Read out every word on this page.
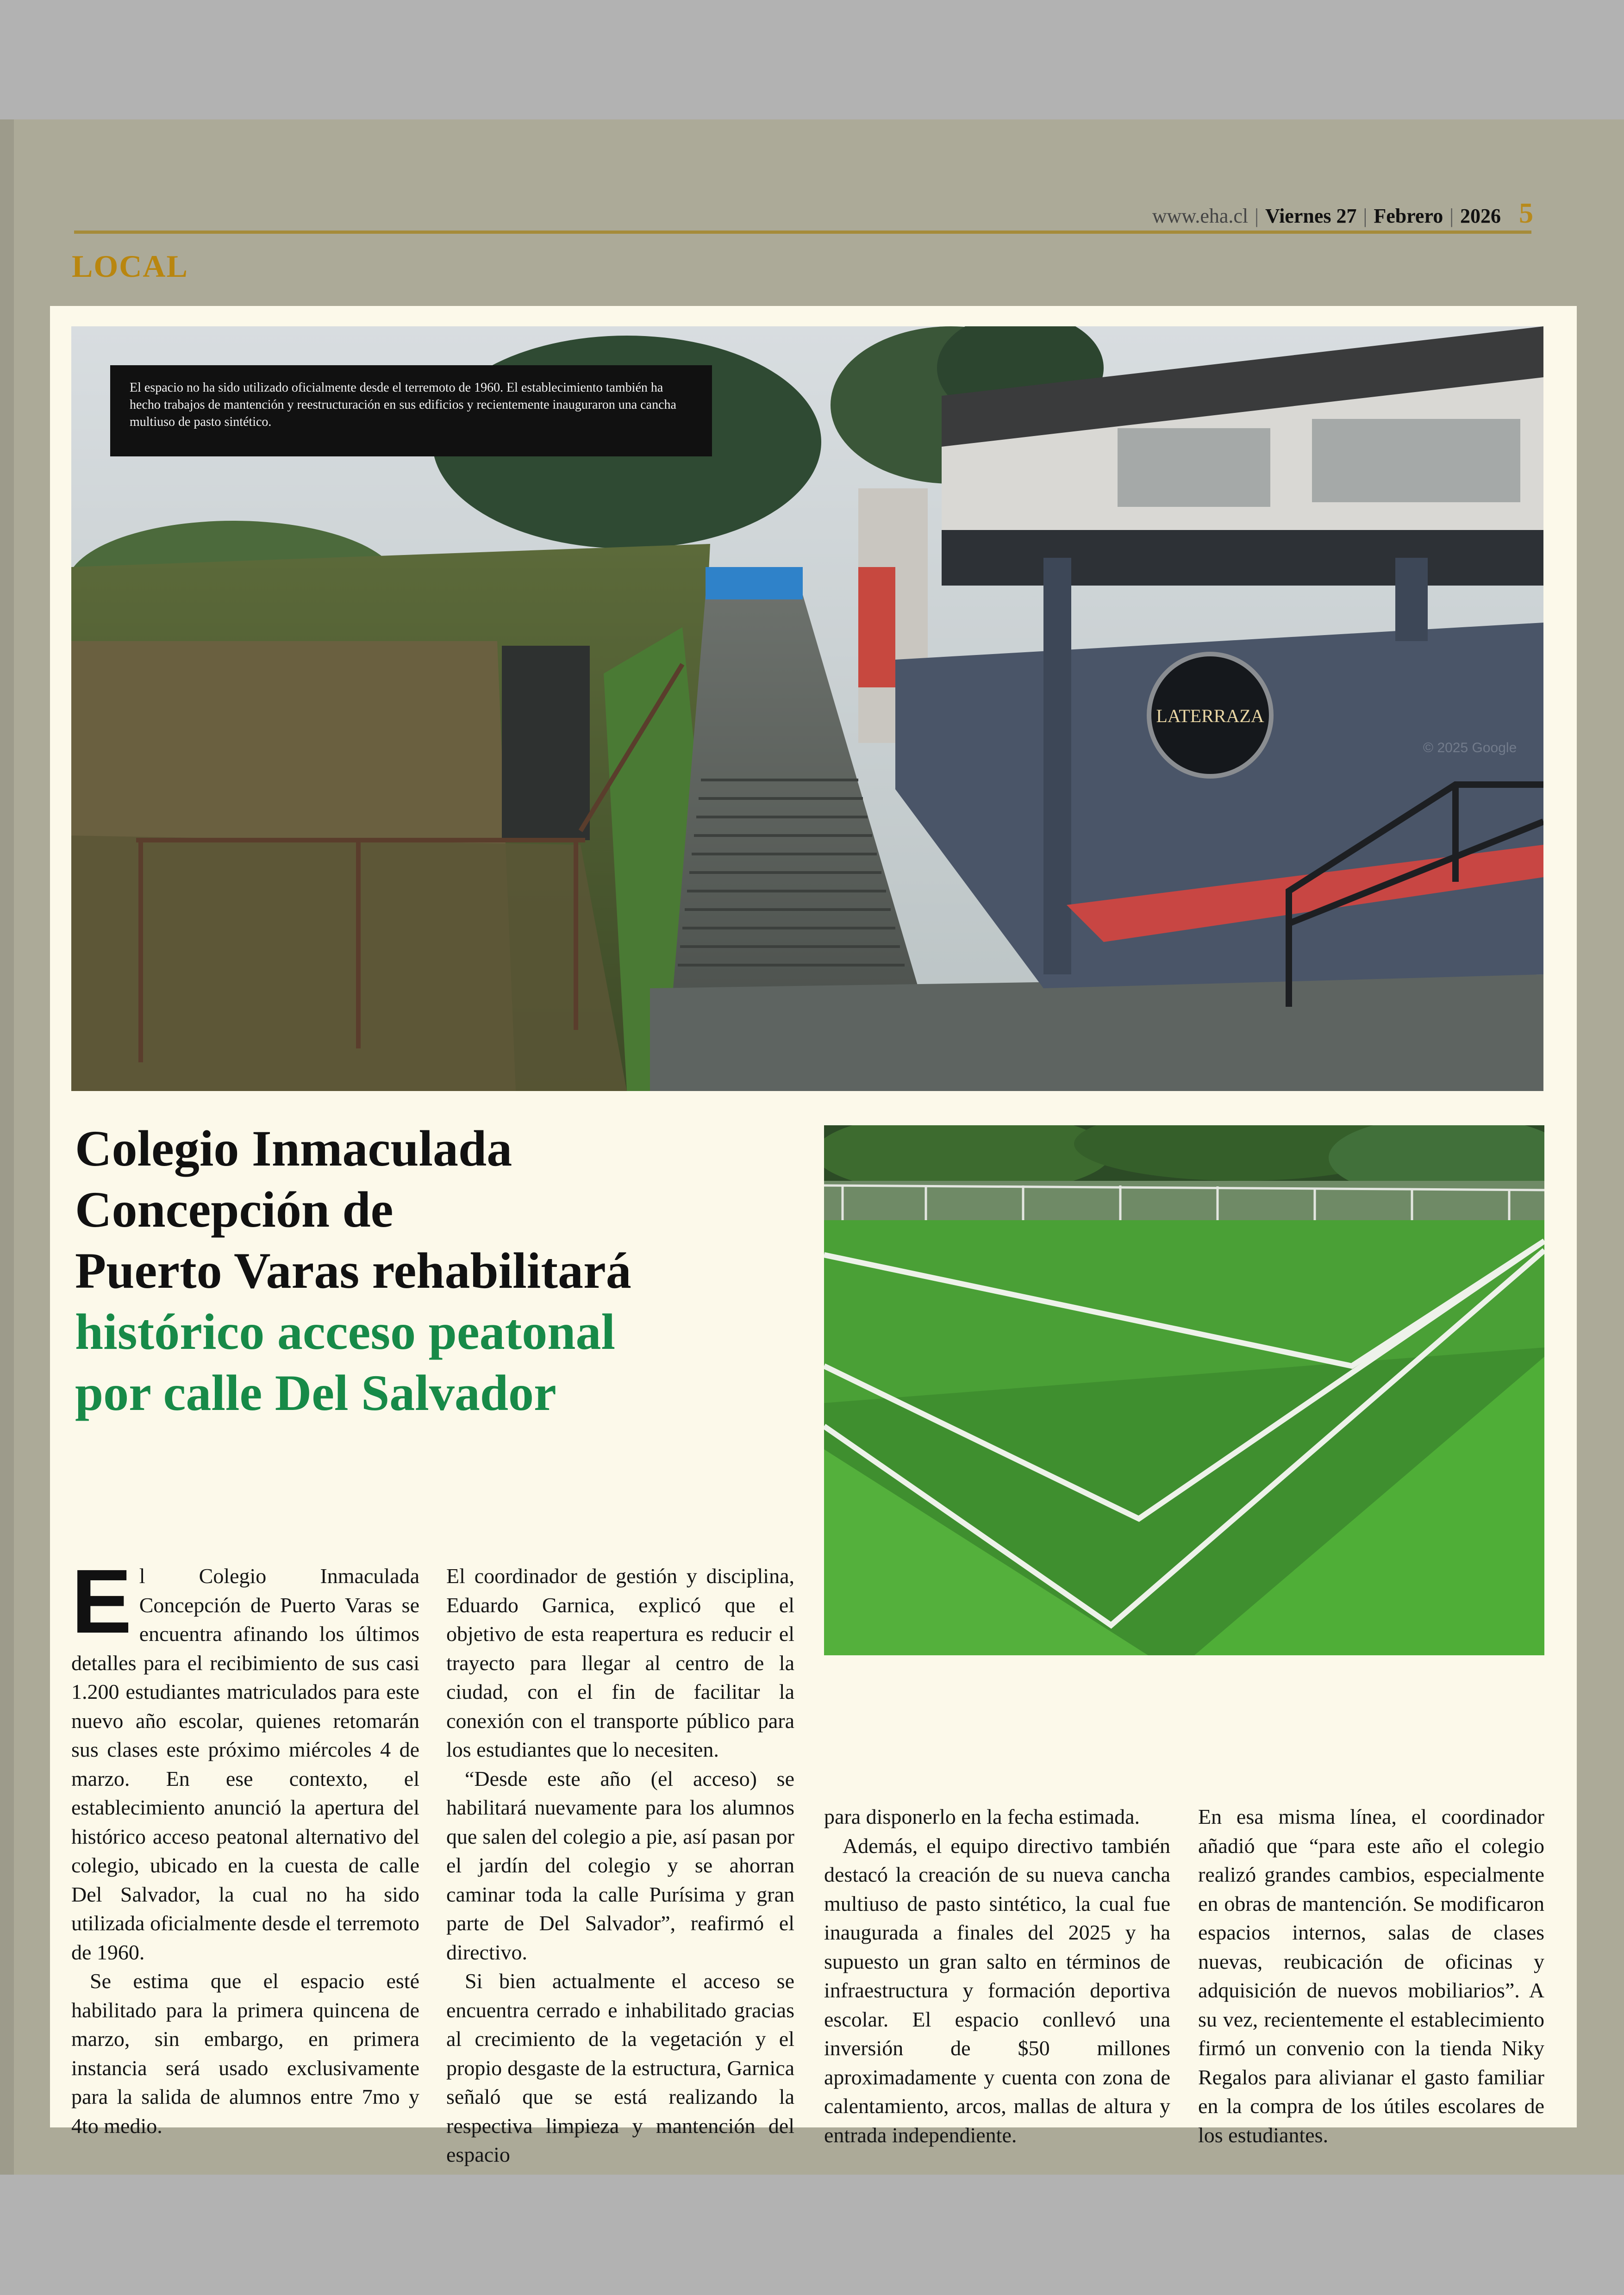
www.eha.cl | Viernes 27 | Febrero | 2026 5
LOCAL
LATERRAZA
© 2025 Google
El espacio no ha sido utilizado oficialmente desde el terremoto de 1960. El establecimiento también ha hecho trabajos de mantención y reestructuración en sus edificios y recientemente inauguraron una cancha multiuso de pasto sintético.
Colegio Inmaculada
Concepción de
Puerto Varas rehabilitará
histórico acceso peatonal
por calle Del Salvador

El Colegio Inmaculada Concepción de Puerto Varas se encuentra afinando los últimos detalles para el recibimiento de sus casi 1.200 estudiantes matriculados para este nuevo año escolar, quienes retomarán sus clases este próximo miércoles 4 de marzo. En ese contexto, el establecimiento anunció la apertura del histórico acceso peatonal alternativo del colegio, ubicado en la cuesta de calle Del Salvador, la cual no ha sido utilizada oficialmente desde el terremoto de 1960.

Se estima que el espacio esté habilitado para la primera quincena de marzo, sin embargo, en primera instancia será usado exclusivamente para la salida de alumnos entre 7mo y 4to medio.

El coordinador de gestión y disciplina, Eduardo Garnica, explicó que el objetivo de esta reapertura es reducir el trayecto para llegar al centro de la ciudad, con el fin de facilitar la conexión con el transporte público para los estudiantes que lo necesiten.

“Desde este año (el acceso) se habilitará nuevamente para los alumnos que salen del colegio a pie, así pasan por el jardín del colegio y se ahorran caminar toda la calle Purísima y gran parte de Del Salvador”, reafirmó el directivo.

Si bien actualmente el acceso se encuentra cerrado e inhabilitado gracias al crecimiento de la vegetación y el propio desgaste de la estructura, Garnica señaló que se está realizando la respectiva limpieza y mantención del espacio

para disponerlo en la fecha estimada.

Además, el equipo directivo también destacó la creación de su nueva cancha multiuso de pasto sintético, la cual fue inaugurada a finales del 2025 y ha supuesto un gran salto en términos de infraestructura y formación deportiva escolar. El espacio conllevó una inversión de $50 millones aproximadamente y cuenta con zona de calentamiento, arcos, mallas de altura y entrada independiente.

En esa misma línea, el coordinador añadió que “para este año el colegio realizó grandes cambios, especialmente en obras de mantención. Se modificaron espacios internos, salas de clases nuevas, reubicación de oficinas y adquisición de nuevos mobiliarios”. A su vez, recientemente el establecimiento firmó un convenio con la tienda Niky Regalos para alivianar el gasto familiar en la compra de los útiles escolares de los estudiantes.
